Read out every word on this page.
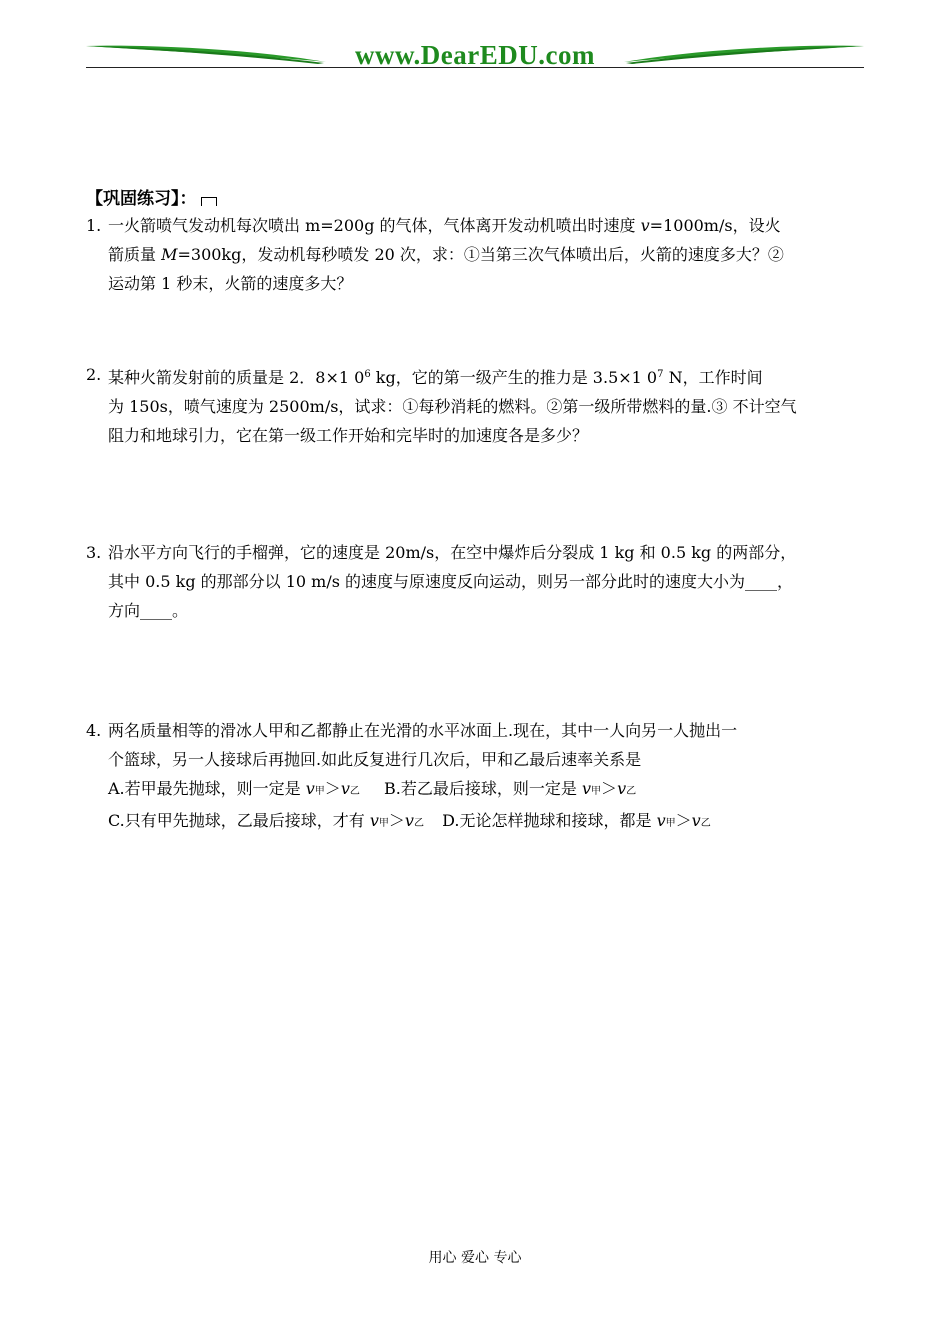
www.DearEDU.com
【巩固练习】：
1. 一火箭喷气发动机每次喷出 m=200g 的气体，气体离开发动机喷出时速度 v=1000m/s，设火
箭质量 M=300kg，发动机每秒喷发 20 次，求：①当第三次气体喷出后，火箭的速度多大？②
运动第 1 秒末，火箭的速度多大？
2. 某种火箭发射前的质量是 2．8×1 $0^6$ kg，它的第一级产生的推力是 3.5×1 $0^7$ N，工作时间
为 150s，喷气速度为 2500m/s，试求：①每秒消耗的燃料。②第一级所带燃料的量.③ 不计空气
阻力和地球引力，它在第一级工作开始和完毕时的加速度各是多少？
3. 沿水平方向飞行的手榴弹，它的速度是 20m/s，在空中爆炸后分裂成 1 kg 和 0.5 kg 的两部分，
其中 0.5 kg 的那部分以 10 m/s 的速度与原速度反向运动，则另一部分此时的速度大小为____，
方向____。
4. 两名质量相等的滑冰人甲和乙都静止在光滑的水平冰面上.现在，其中一人向另一人抛出一
个篮球，另一人接球后再抛回.如此反复进行几次后，甲和乙最后速率关系是
A.若甲最先抛球，则一定是 v甲＞v乙 B.若乙最后接球，则一定是 v甲＞v乙
C.只有甲先抛球，乙最后接球，才有 v甲＞v乙 D.无论怎样抛球和接球，都是 v甲＞v乙
用心 爱心 专心
